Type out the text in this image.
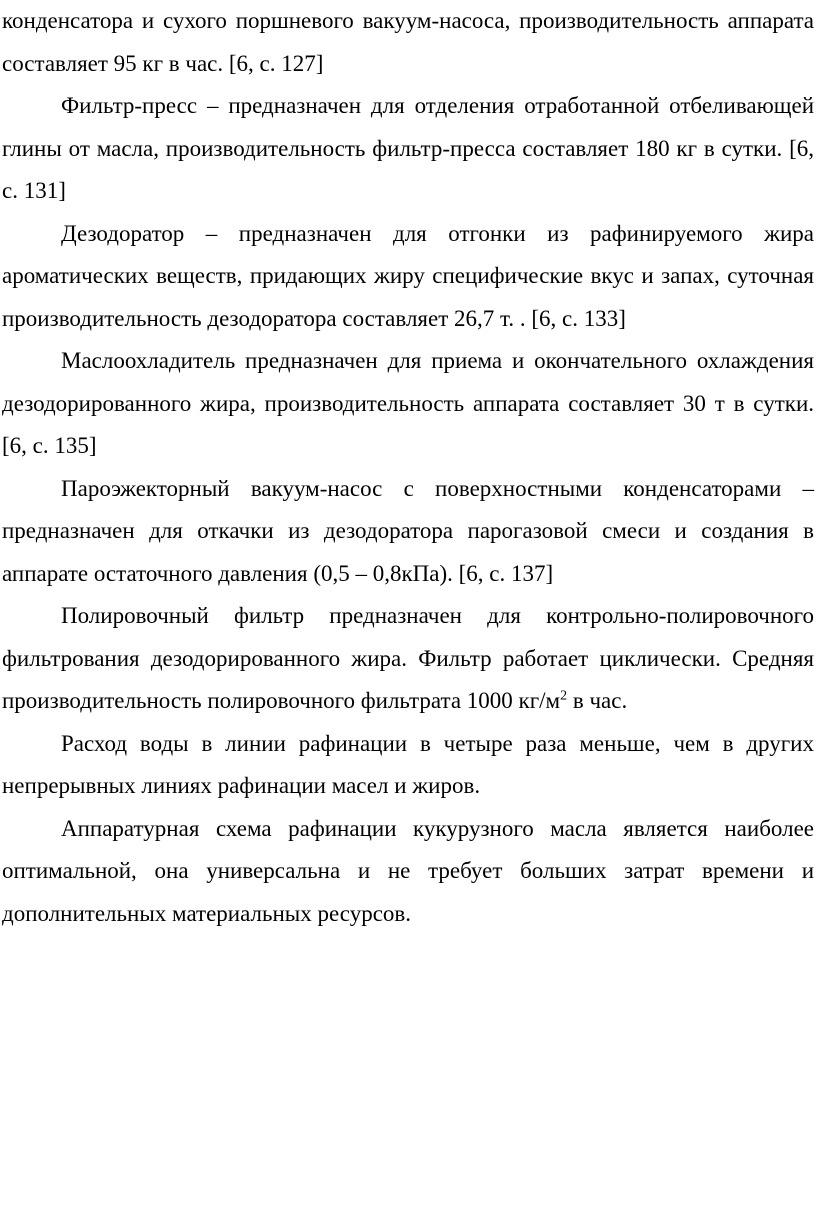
конденсатора и сухого поршневого вакуум-насоса, производительность аппарата составляет 95 кг в час. [6, с. 127]

Фильтр-пресс – предназначен для отделения отработанной отбеливающей глины от масла, производительность фильтр-пресса составляет 180 кг в сутки. [6, с. 131]

Дезодоратор – предназначен для отгонки из рафинируемого жира ароматических веществ, придающих жиру специфические вкус и запах, суточная производительность дезодоратора составляет 26,7 т. . [6, с. 133]

Маслоохладитель предназначен для приема и окончательного охлаждения дезодорированного жира, производительность аппарата составляет 30 т в сутки.[6, с. 135]

Пароэжекторный вакуум-насос с поверхностными конденсаторами – предназначен для откачки из дезодоратора парогазовой смеси и создания в аппарате остаточного давления (0,5 – 0,8кПа). [6, с. 137]

Полировочный фильтр предназначен для контрольно-полировочного фильтрования дезодорированного жира. Фильтр работает циклически. Средняя производительность полировочного фильтрата 1000 $кг/м^2$ в час.

Расход воды в линии рафинации в четыре раза меньше, чем в других непрерывных линиях рафинации масел и жиров.

Аппаратурная схема рафинации кукурузного масла является наиболее оптимальной, она универсальна и не требует больших затрат времени и дополнительных материальных ресурсов.
